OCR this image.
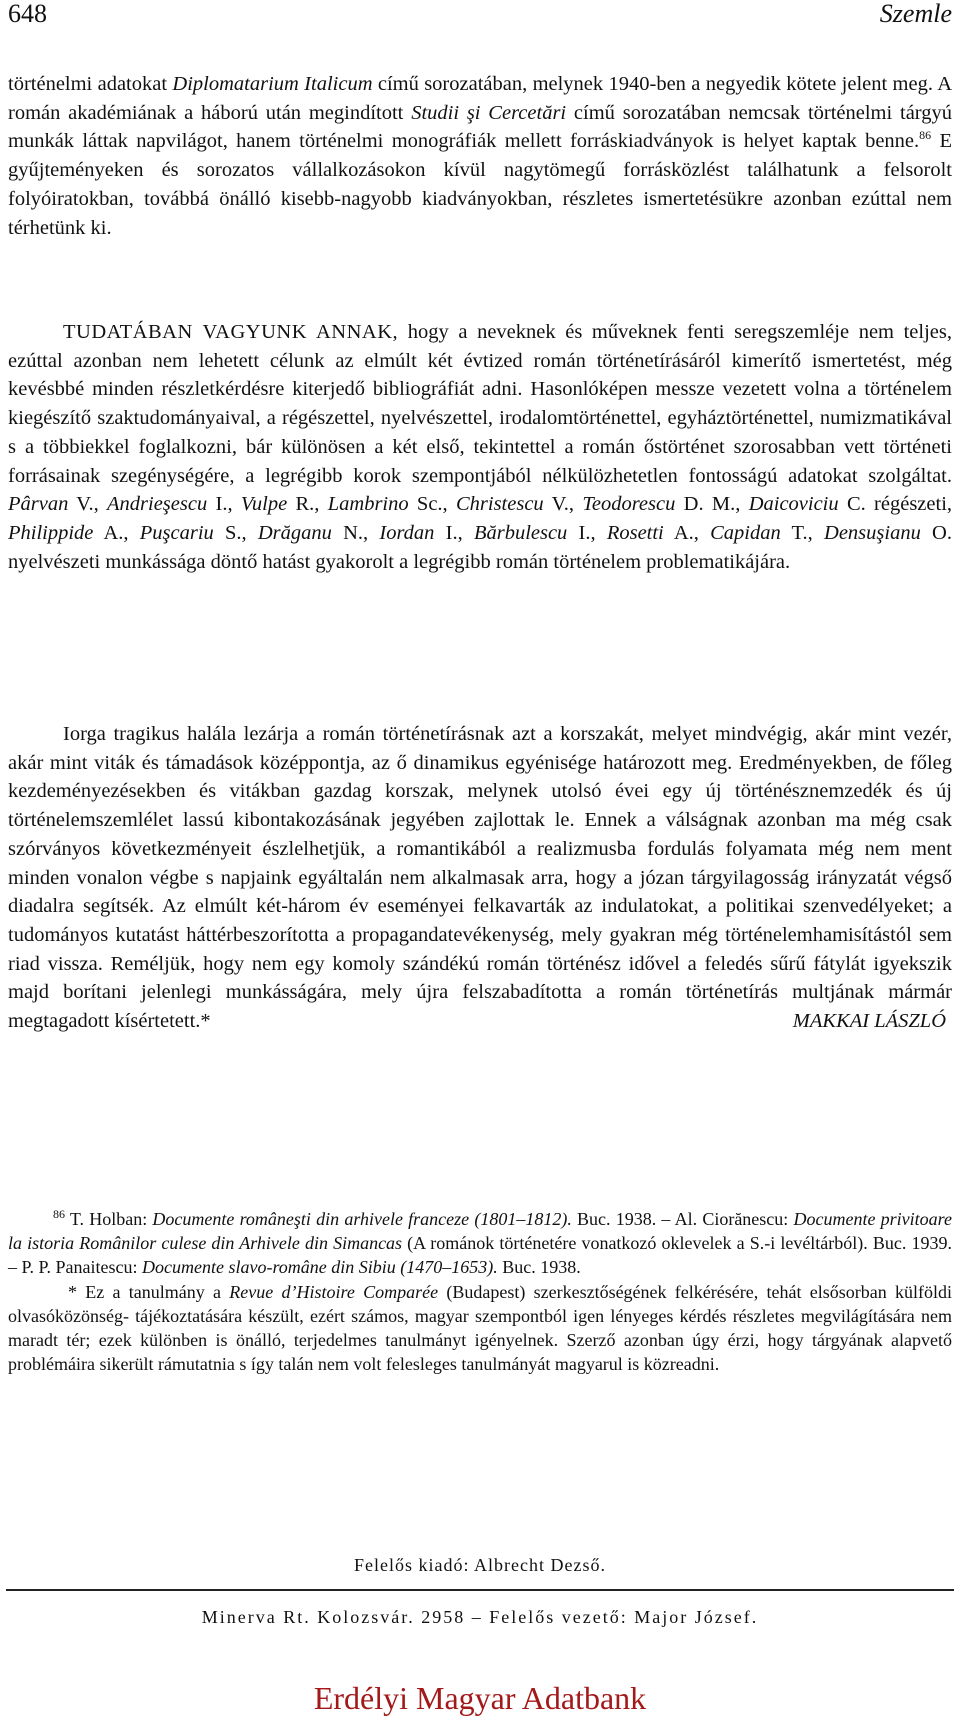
648	Szemle

történelmi adatokat Diplomatarium Italicum című sorozatában, melynek 1940-ben a negyedik kötete jelent meg. A román akadémiának a háború után megindított Studii şi Cercetări című sorozatában nemcsak történelmi tárgyú munkák láttak napvilágot, hanem történelmi monográfiák mellett forráskiadványok is helyet kaptak benne.$^{86}$ E gyűjteményeken és sorozatos vállalkozásokon kívül nagytömegű forrásközlést találhatunk a felsorolt folyóiratokban, továbbá önálló kisebb-nagyobb kiadványokban, részletes ismertetésükre azonban ezúttal nem térhetünk ki.

TUDATÁBAN VAGYUNK ANNAK, hogy a neveknek és műveknek fenti seregszemléje nem teljes, ezúttal azonban nem lehetett célunk az elmúlt két évtized román történetírásáról kimerítő ismertetést, még kevésbbé minden részletkérdésre kiterjedő bibliográfiát adni. Hasonlóképen messze vezetett volna a történelem kiegészítő szaktudományaival, a régészettel, nyelvészettel, irodalomtörténettel, egyháztörténettel, numizmatikával s a többiekkel foglalkozni, bár különösen a két első, tekintettel a román őstörténet szorosabban vett történeti forrásainak szegénységére, a legrégibb korok szempontjából nélkülözhetetlen fontosságú adatokat szolgáltat. Pârvan V., Andrieşescu I., Vulpe R., Lambrino Sc., Christescu V., Teodorescu D. M., Daicoviciu C. régészeti, Philippide A., Puşcariu S., Drăganu N., Iordan I., Bărbulescu I., Rosetti A., Capidan T., Densuşianu O. nyelvészeti munkássága döntő hatást gyakorolt a legrégibb román történelem problematikájára.

Iorga tragikus halála lezárja a román történetírásnak azt a korszakát, melyet mindvégig, akár mint vezér, akár mint viták és támadások középpontja, az ő dinamikus egyénisége határozott meg. Eredményekben, de főleg kezdeményezésekben és vitákban gazdag korszak, melynek utolsó évei egy új történésznemzedék és új történelemszemlélet lassú kibontakozásának jegyében zajlottak le. Ennek a válságnak azonban ma még csak szórványos következményeit észlelhetjük, a romantikából a realizmusba fordulás folyamata még nem ment minden vonalon végbe s napjaink egyáltalán nem alkalmasak arra, hogy a józan tárgyilagosság irányzatát végső diadalra segítsék. Az elmúlt két-három év eseményei felkavarták az indulatokat, a politikai szenvedélyeket; a tudományos kutatást háttérbeszorította a propagandatevékenység, mely gyakran még történelemhamisítástól sem riad vissza. Reméljük, hogy nem egy komoly szándékú román történész idővel a feledés sűrű fátylát igyekszik majd borítani jelenlegi munkásságára, mely újra felszabadította a román történetírás multjának mármár megtagadott kísértetett.*	MAKKAI LÁSZLÓ

$^{86}$ T. Holban: Documente româneşti din arhivele franceze (1801–1812). Buc. 1938. – Al. Ciorănescu: Documente privitoare la istoria Românilor culese din Arhivele din Simancas (A románok történetére vonatkozó oklevelek a S.-i levéltárból). Buc. 1939. – P. P. Panaitescu: Documente slavo-române din Sibiu (1470–1653). Buc. 1938.

* Ez a tanulmány a Revue d’Histoire Comparée (Budapest) szerkesztőségének felkérésére, tehát elsősorban külföldi olvasóközönség- tájékoztatására készült, ezért számos, magyar szempontból igen lényeges kérdés részletes megvilágítására nem maradt tér; ezek különben is önálló, terjedelmes tanulmányt igényelnek. Szerző azonban úgy érzi, hogy tárgyának alapvető problémáira sikerült rámutatnia s így talán nem volt felesleges tanulmányát magyarul is közreadni.

Felelős kiadó: Albrecht Dezső.
Minerva Rt. Kolozsvár. 2958 – Felelős vezető: Major József.
Erdélyi Magyar Adatbank
